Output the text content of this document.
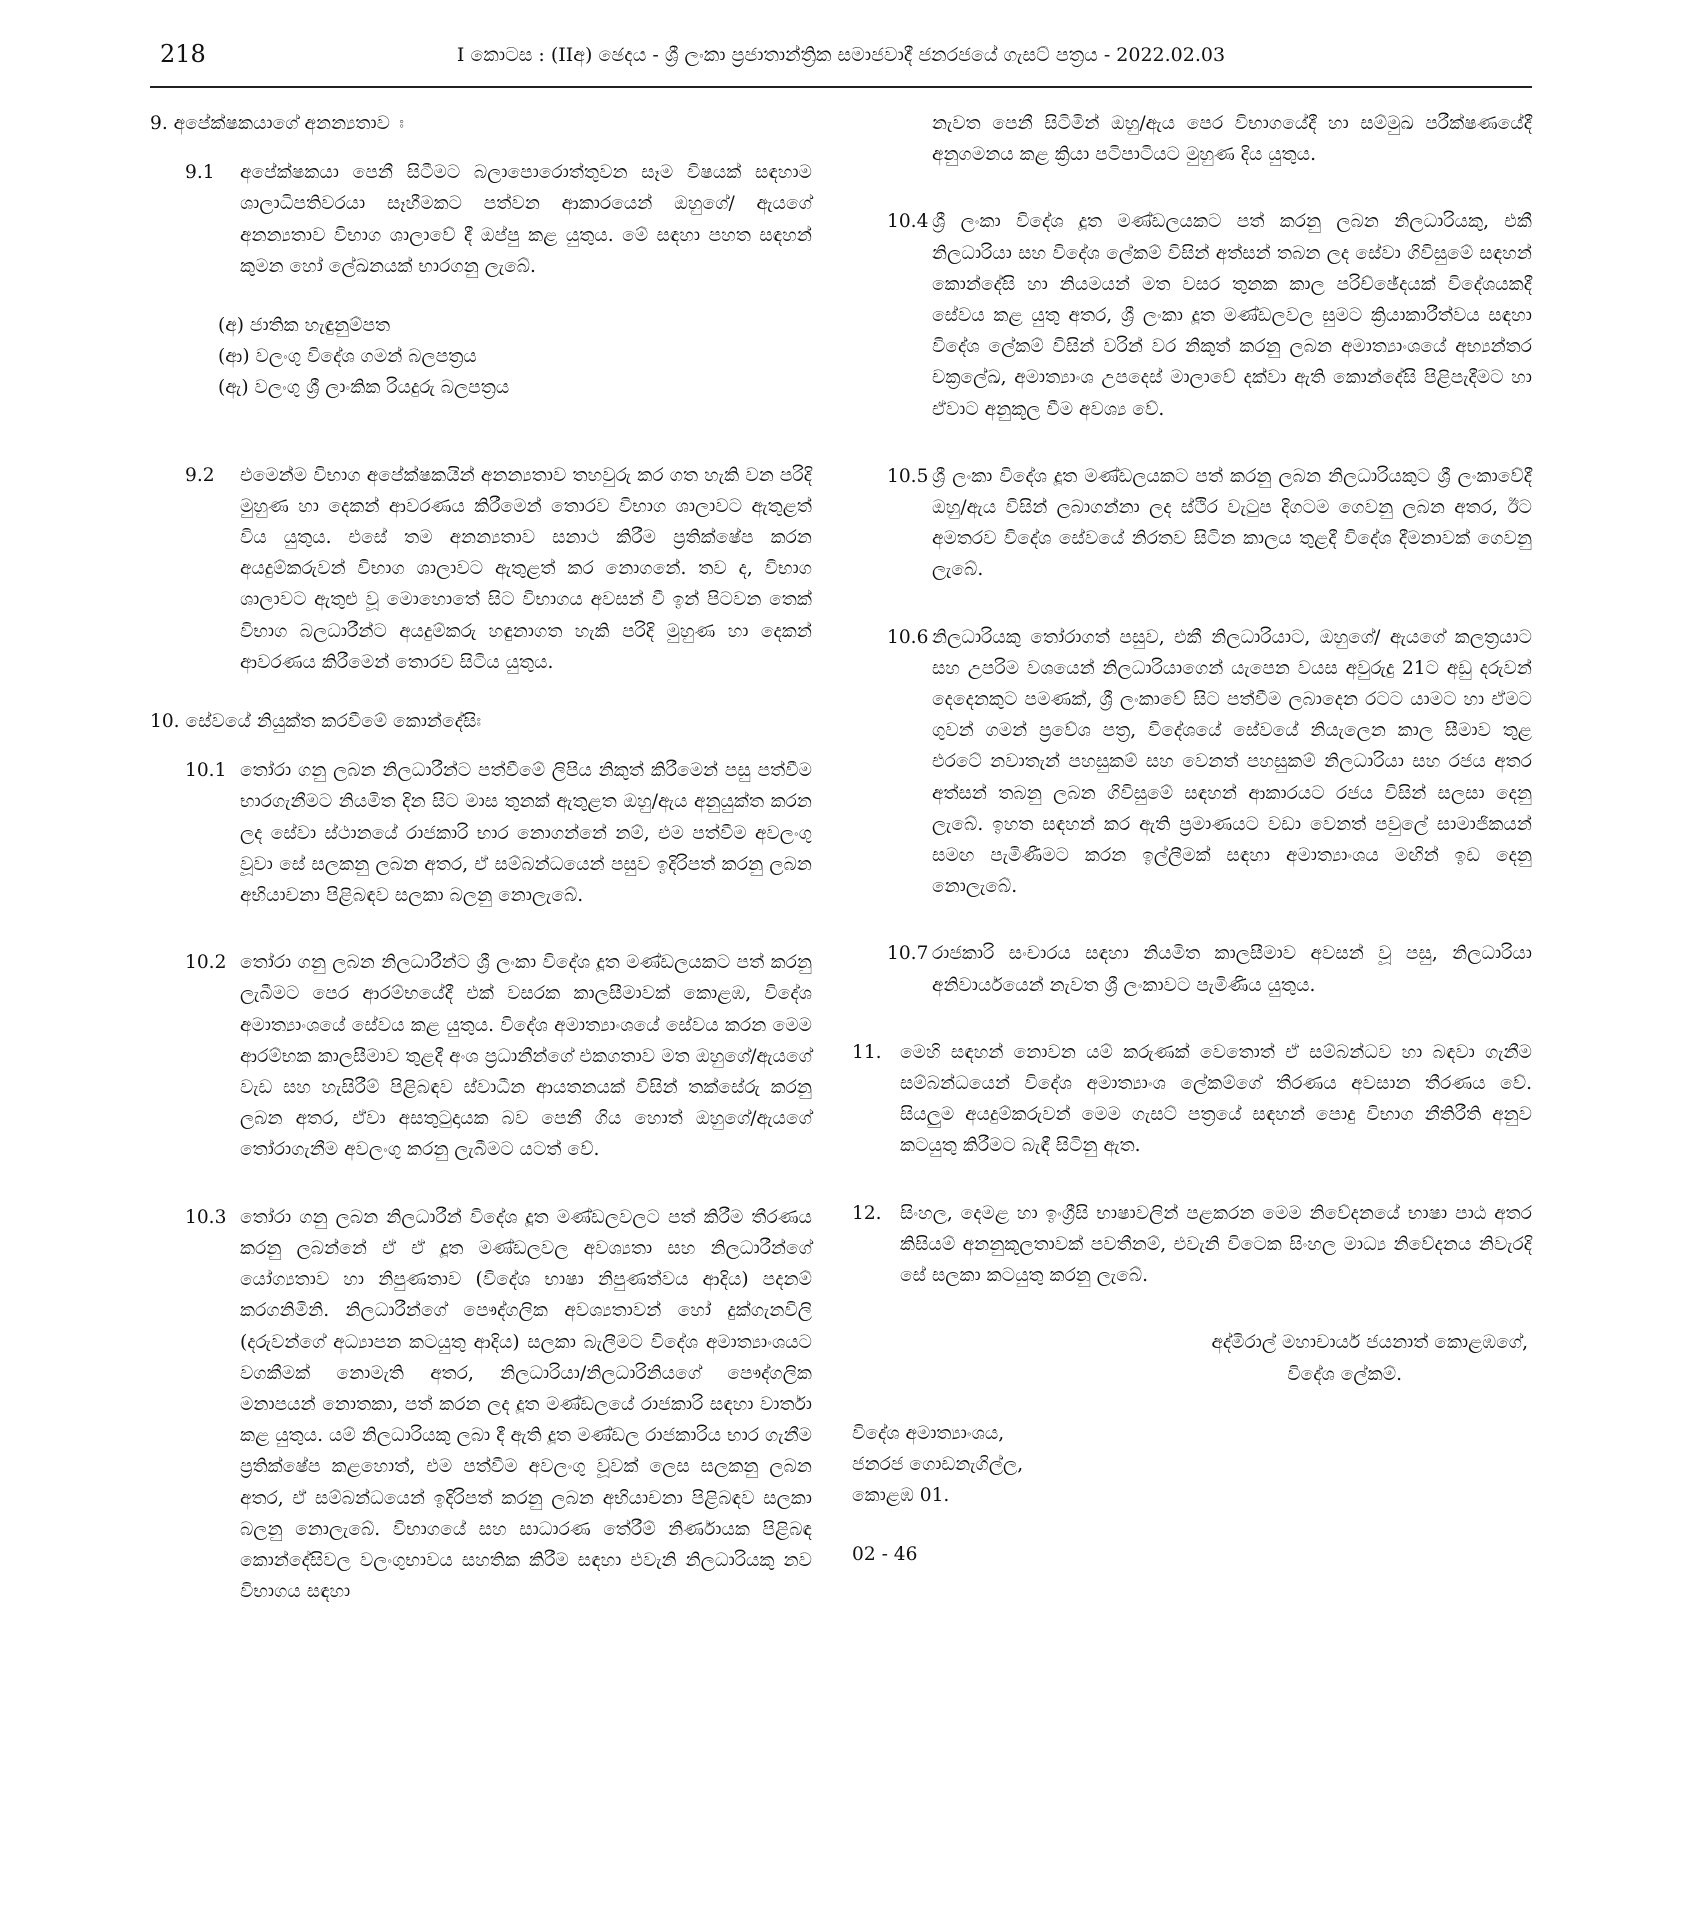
218	I කොටස : (IIඅ) ඡෙදය - ශ්‍රී ලංකා ප්‍රජාතාන්ත්‍රික සමාජවාදී ජනරජයේ ගැසට් පත්‍රය - 2022.02.03
9. අපේක්ෂකයාගේ අනන්‍යතාව ඃ
9.1 අපේක්ෂකයා පෙනී සිටීමට බලාපොරොත්තුවන සෑම විෂයක් සඳහාම ශාලාධිපතිවරයා සෑහීමකට පත්වන ආකාරයෙන් ඔහුගේ/ ඇයගේ අනන්‍යතාව විභාග ශාලාවේ දී ඔප්පු කළ යුතුය. මේ සඳහා පහත සඳහන් කුමන හෝ ලේඛනයක් භාරගනු ලැබේ.
(අ) ජාතික හැඳුනුම්පත
(ආ) වලංගු විදේශ ගමන් බලපත්‍රය
(ඇ) වලංගු ශ්‍රී ලාංකික රියදුරු බලපත්‍රය
9.2 එමෙන්ම විභාග අපේක්ෂකයින් අනන්‍යතාව තහවුරු කර ගත හැකි වන පරිදි මුහුණ හා දෙකන් ආවරණය කිරීමෙන් තොරව විභාග ශාලාවට ඇතුළත් විය යුතුය. එසේ තම අනන්‍යතාව සනාථ කිරීම ප්‍රතික්ෂේප කරන අයදුම්කරුවන් විභාග ශාලාවට ඇතුළත් කර නොගනේ. තව ද, විභාග ශාලාවට ඇතුළු වූ මොහොතේ සිට විභාගය අවසන් වී ඉන් පිටවන තෙක් විභාග බලධාරීන්ට අයදුම්කරු හඳුනාගත හැකි පරිදි මුහුණ හා දෙකන් ආවරණය කිරීමෙන් තොරව සිටිය යුතුය.
10. සේවයේ නියුක්ත කරවීමේ කොන්දේසිඃ
10.1 තෝරා ගනු ලබන නිලධාරීන්ට පත්වීමේ ලිපිය නිකුත් කිරීමෙන් පසු පත්වීම භාරගැනීමට නියමිත දින සිට මාස තුනක් ඇතුළත ඔහු/ඇය අනුයුක්ත කරන ලද සේවා ස්ථානයේ රාජකාරි භාර නොගන්නේ නම්, එම පත්වීම අවලංගු වූවා සේ සලකනු ලබන අතර, ඒ සම්බන්ධයෙන් පසුව ඉදිරිපත් කරනු ලබන අභියාචනා පිළිබඳව සලකා බලනු නොලැබේ.
10.2 තෝරා ගනු ලබන නිලධාරීන්ට ශ්‍රී ලංකා විදේශ දූත මණ්ඩලයකට පත් කරනු ලැබීමට පෙර ආරම්භයේදී එක් වසරක කාලසීමාවක් කොළඹ, විදේශ අමාත්‍යාංශයේ සේවය කළ යුතුය. විදේශ අමාත්‍යාංශයේ සේවය කරන මෙම ආරම්භක කාලසීමාව තුළදී අංශ ප්‍රධානීන්ගේ එකගතාව මත ඔහුගේ/ඇයගේ වැඩ සහ හැසිරීම් පිළිබඳව ස්වාධීන ආයතනයක් විසින් තක්සේරු කරනු ලබන අතර, ඒවා අසතුටුදායක බව පෙනී ගිය හොත් ඔහුගේ/ඇයගේ තෝරාගැනීම අවලංගු කරනු ලැබීමට යටත් වේ.
10.3 තෝරා ගනු ලබන නිලධාරීන් විදේශ දූත මණ්ඩලවලට පත් කිරීම තීරණය කරනු ලබන්නේ ඒ ඒ දූත මණ්ඩලවල අවශ්‍යතා සහ නිලධාරීන්ගේ යෝග්‍යතාව හා නිපුණතාව (විදේශ භාෂා නිපුණත්වය ආදිය) පදනම් කරගනිමිනි. නිලධාරීන්ගේ පෞද්ගලික අවශ්‍යතාවන් හෝ දුක්ගැනවිලි (දරුවන්ගේ අධ්‍යාපන කටයුතු ආදිය) සලකා බැලීමට විදේශ අමාත්‍යාංශයට වගකීමක් නොමැති අතර, නිලධාරියා/නිලධාරිනියගේ පෞද්ගලික මනාපයන් නොතකා, පත් කරන ලද දූත මණ්ඩලයේ රාජකාරි සඳහා වාර්තා කළ යුතුය. යම් නිලධාරියකු ලබා දී ඇති දූත මණ්ඩල රාජකාරිය භාර ගැනීම ප්‍රතික්ෂේප කළහොත්, එම පත්වීම අවලංගු වූවක් ලෙස සලකනු ලබන අතර, ඒ සම්බන්ධයෙන් ඉදිරිපත් කරනු ලබන අභියාචනා පිළිබඳව සලකා බලනු නොලැබේ. විභාගයේ සහ සාධාරණ තේරීම් නිර්ණායක පිළිබඳ කොන්දේසිවල වලංගුභාවය සහතික කිරීම සඳහා එවැනි නිලධාරියකු නව විභාගය සඳහා
නැවත පෙනී සිටිමින් ඔහු/ඇය පෙර විභාගයේදී හා සම්මුඛ පරීක්ෂණයේදී අනුගමනය කළ ක්‍රියා පටිපාටියට මුහුණ දිය යුතුය.
10.4 ශ්‍රී ලංකා විදේශ දූත මණ්ඩලයකට පත් කරනු ලබන නිලධාරියකු, එකී නිලධාරියා සහ විදේශ ලේකම් විසින් අත්සන් තබන ලද සේවා ගිවිසුමේ සඳහන් කොන්දේසි හා නියමයන් මත වසර තුනක කාල පරිච්ඡේදයක් විදේශයකදී සේවය කළ යුතු අතර, ශ්‍රී ලංකා දූත මණ්ඩලවල සුමට ක්‍රියාකාරීත්වය සඳහා විදේශ ලේකම් විසින් වරින් වර නිකුත් කරනු ලබන අමාත්‍යාංශයේ අභ්‍යන්තර චක්‍රලේඛ, අමාත්‍යාංශ උපදෙස් මාලාවේ දක්වා ඇති කොන්දේසි පිළිපැදීමට හා ඒවාට අනුකූල වීම අවශ්‍ය වේ.
10.5 ශ්‍රී ලංකා විදේශ දූත මණ්ඩලයකට පත් කරනු ලබන නිලධාරියකුට ශ්‍රී ලංකාවේදී ඔහු/ඇය විසින් ලබාගන්නා ලද ස්ථිර වැටුප දිගටම ගෙවනු ලබන අතර, ඊට අමතරව විදේශ සේවයේ නිරතව සිටින කාලය තුළදී විදේශ දීමනාවක් ගෙවනු ලැබේ.
10.6 නිලධාරියකු තෝරාගත් පසුව, එකී නිලධාරියාට, ඔහුගේ/ ඇයගේ කලත්‍රයාට සහ උපරිම වශයෙන් නිලධාරියාගෙන් යැපෙන වයස අවුරුදු 21ට අඩු දරුවන් දෙදෙනකුට පමණක්, ශ්‍රී ලංකාවේ සිට පත්වීම ලබාදෙන රටට යාමට හා ඒමට ගුවන් ගමන් ප්‍රවේශ පත්‍ර, විදේශයේ සේවයේ නියැලෙන කාල සීමාව තුළ එරටේ නවාතැන් පහසුකම් සහ වෙනත් පහසුකම් නිලධාරියා සහ රජය අතර අත්සන් තබනු ලබන ගිවිසුමේ සඳහන් ආකාරයට රජය විසින් සලසා දෙනු ලැබේ. ඉහත සඳහන් කර ඇති ප්‍රමාණයට වඩා වෙනත් පවුලේ සාමාජිකයන් සමඟ පැමිණීමට කරන ඉල්ලීමක් සඳහා අමාත්‍යාංශය මඟින් ඉඩ දෙනු නොලැබේ.
10.7 රාජකාරි සංචාරය සඳහා නියමිත කාලසීමාව අවසන් වූ පසු, නිලධාරියා අනිවාර්යයෙන් නැවත ශ්‍රී ලංකාවට පැමිණිය යුතුය.
11. මෙහි සඳහන් නොවන යම් කරුණක් වෙතොත් ඒ සම්බන්ධව හා බඳවා ගැනීම සම්බන්ධයෙන් විදේශ අමාත්‍යාංශ ලේකම්ගේ තීරණය අවසාන තීරණය වේ. සියලුම අයදුම්කරුවන් මෙම ගැසට් පත්‍රයේ සඳහන් පොදු විභාග නීතිරීති අනුව කටයුතු කිරීමට බැඳී සිටිනු ඇත.
12. සිංහල, දෙමළ හා ඉංග්‍රීසි භාෂාවලින් පළකරන මෙම නිවේදනයේ භාෂා පාඨ අතර කිසියම් අනනුකූලතාවක් පවතීනම්, එවැනි විටෙක සිංහල මාධ්‍ය නිවේදනය නිවැරදි සේ සලකා කටයුතු කරනු ලැබේ.
අද්මිරාල් මහාචාර්ය ජයනාත් කොළඹගේ,
විදේශ ලේකම්.
විදේශ අමාත්‍යාංශය,
ජනරජ ගොඩනැගිල්ල,
කොළඹ 01.
02 - 46
